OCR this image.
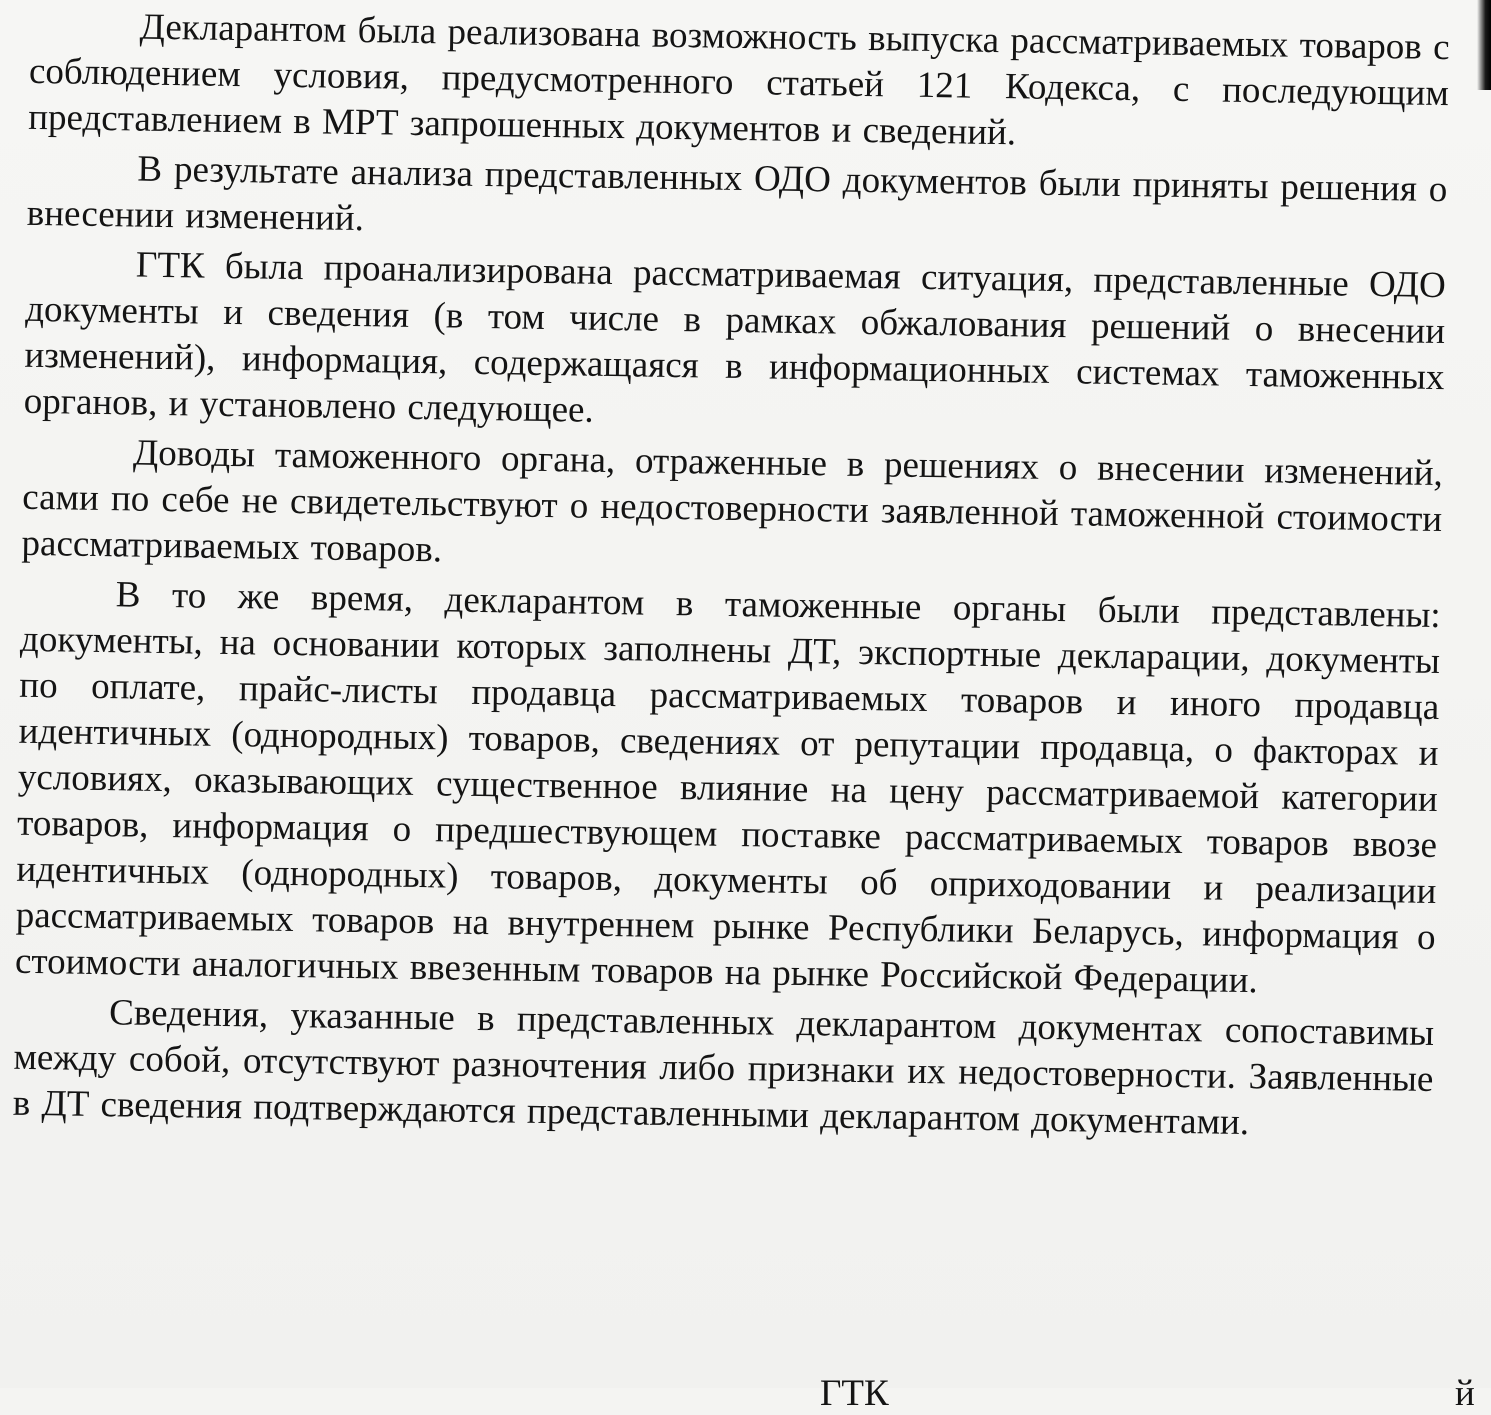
Декларантом была реализована возможность выпуска рассматриваемых товаров с соблюдением условия, предусмотренного статьей 121 Кодекса, с последующим представлением в МРТ запрошенных документов и сведений.

В результате анализа представленных ОДО документов были приняты решения о внесении изменений.

ГТК была проанализирована рассматриваемая ситуация, представленные ОДО документы и сведения (в том числе в рамках обжалования решений о внесении изменений), информация, содержащаяся в информационных системах таможенных органов, и установлено следующее.

Доводы таможенного органа, отраженные в решениях о внесении изменений, сами по себе не свидетельствуют о недостоверности заявленной таможенной стоимости рассматриваемых товаров.

В то же время, декларантом в таможенные органы были представлены: документы, на основании которых заполнены ДТ, экспортные декларации, документы по оплате, прайс-листы продавца рассматриваемых товаров и иного продавца идентичных (однородных) товаров, сведениях от репутации продавца, о факторах и условиях, оказывающих существенное влияние на цену рассматриваемой категории товаров, информация о предшествующем поставке рассматриваемых товаров ввозе идентичных (однородных) товаров, документы об оприходовании и реализации рассматриваемых товаров на внутреннем рынке Республики Беларусь, информация о стоимости аналогичных ввезенным товаров на рынке Российской Федерации.

Сведения, указанные в представленных декларантом документах сопоставимы между собой, отсутствуют разночтения либо признаки их недостоверности. Заявленные в ДТ сведения подтверждаются представленными декларантом документами.

ГТК	й
